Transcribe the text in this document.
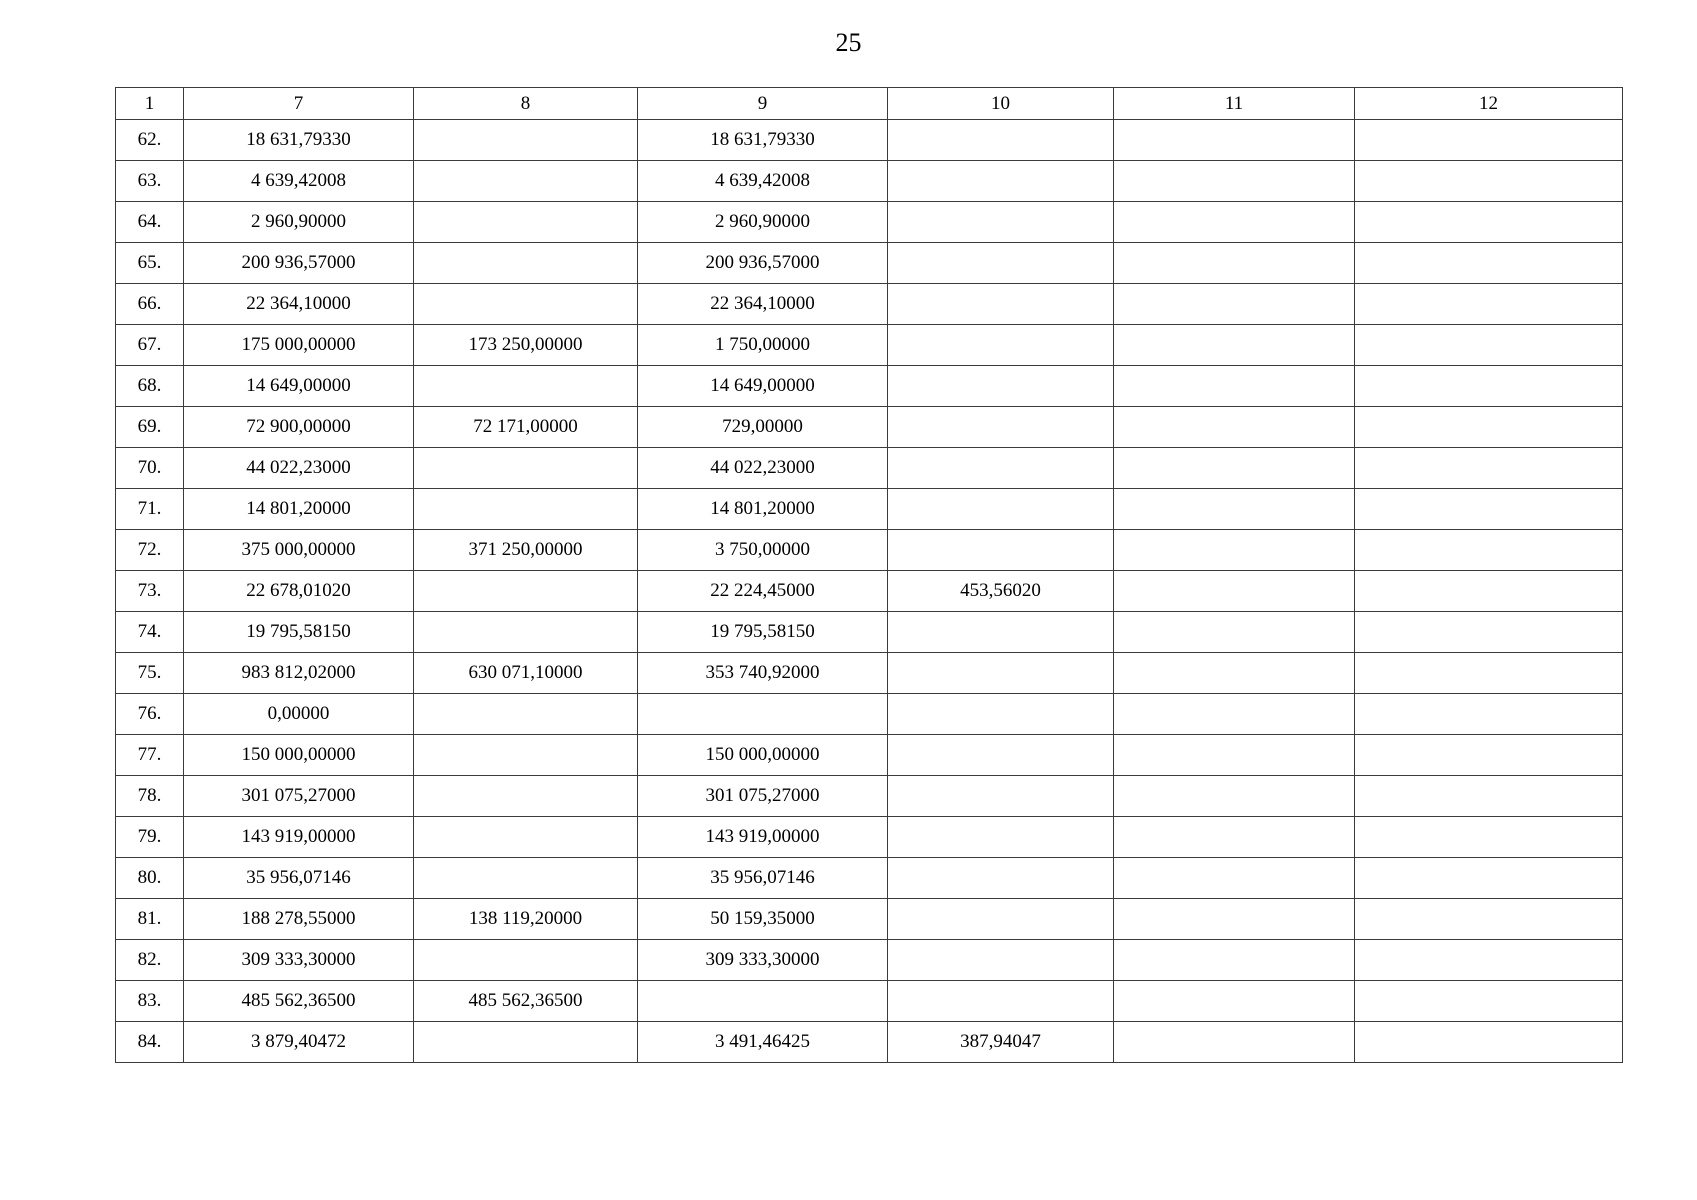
25
1	7	8	9	10	11	12
62.	18 631,79330		18 631,79330			
63.	4 639,42008		4 639,42008			
64.	2 960,90000		2 960,90000			
65.	200 936,57000		200 936,57000			
66.	22 364,10000		22 364,10000			
67.	175 000,00000	173 250,00000	1 750,00000			
68.	14 649,00000		14 649,00000			
69.	72 900,00000	72 171,00000	729,00000			
70.	44 022,23000		44 022,23000			
71.	14 801,20000		14 801,20000			
72.	375 000,00000	371 250,00000	3 750,00000			
73.	22 678,01020		22 224,45000	453,56020		
74.	19 795,58150		19 795,58150			
75.	983 812,02000	630 071,10000	353 740,92000			
76.	0,00000					
77.	150 000,00000		150 000,00000			
78.	301 075,27000		301 075,27000			
79.	143 919,00000		143 919,00000			
80.	35 956,07146		35 956,07146			
81.	188 278,55000	138 119,20000	50 159,35000			
82.	309 333,30000		309 333,30000			
83.	485 562,36500	485 562,36500				
84.	3 879,40472		3 491,46425	387,94047		
